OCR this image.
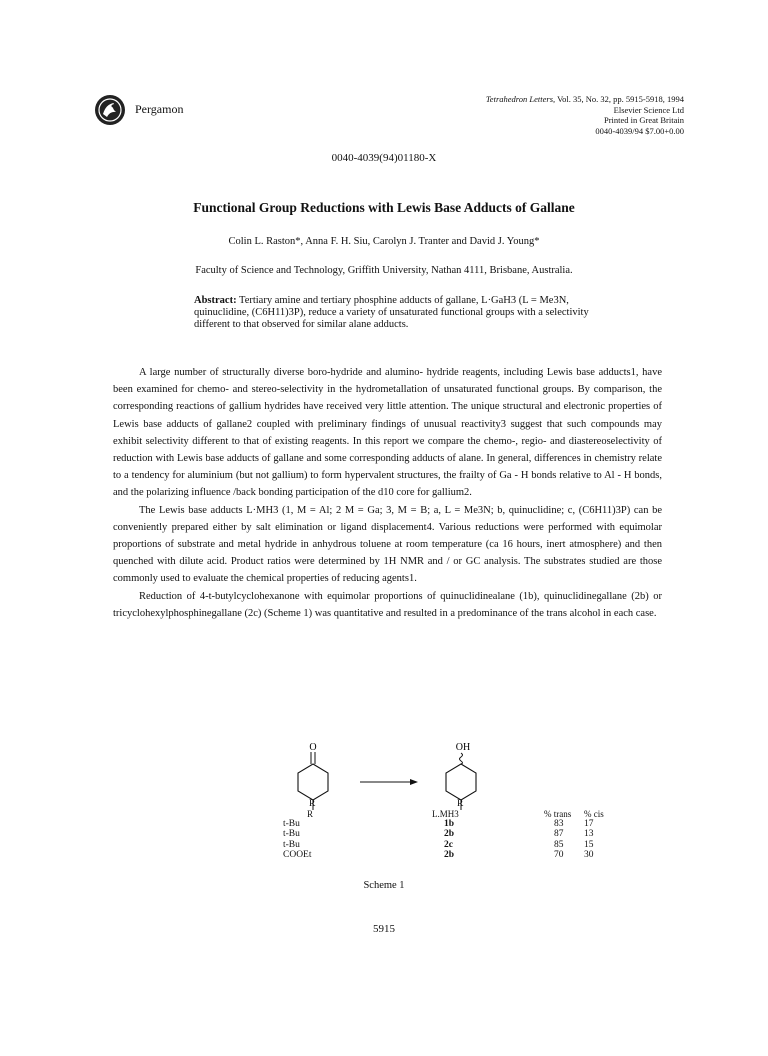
Pergamon
Tetrahedron Letters, Vol. 35, No. 32, pp. 5915-5918, 1994
Elsevier Science Ltd
Printed in Great Britain
0040-4039/94 $7.00+0.00
0040-4039(94)01180-X
Functional Group Reductions with Lewis Base Adducts of Gallane
Colin L. Raston*, Anna F. H. Siu, Carolyn J. Tranter and David J. Young*
Faculty of Science and Technology, Griffith University, Nathan 4111, Brisbane, Australia.
Abstract: Tertiary amine and tertiary phosphine adducts of gallane, L·GaH3 (L = Me3N, quinuclidine, (C6H11)3P), reduce a variety of unsaturated functional groups with a selectivity different to that observed for similar alane adducts.

A large number of structurally diverse boro-hydride and alumino- hydride reagents, including Lewis base adducts1, have been examined for chemo- and stereo-selectivity in the hydrometallation of unsaturated functional groups. By comparison, the corresponding reactions of gallium hydrides have received very little attention. The unique structural and electronic properties of Lewis base adducts of gallane2 coupled with preliminary findings of unusual reactivity3 suggest that such compounds may exhibit selectivity different to that of existing reagents. In this report we compare the chemo-, regio- and diastereoselectivity of reduction with Lewis base adducts of gallane and some corresponding adducts of alane. In general, differences in chemistry relate to a tendency for aluminium (but not gallium) to form hypervalent structures, the frailty of Ga - H bonds relative to Al - H bonds, and the polarizing influence /back bonding participation of the d10 core for gallium2.

The Lewis base adducts L·MH3 (1, M = Al; 2 M = Ga; 3, M = B; a, L = Me3N; b, quinuclidine; c, (C6H11)3P) can be conveniently prepared either by salt elimination or ligand displacement4. Various reductions were performed with equimolar proportions of substrate and metal hydride in anhydrous toluene at room temperature (ca 16 hours, inert atmosphere) and then quenched with dilute acid. Product ratios were determined by 1H NMR and / or GC analysis. The substrates studied are those commonly used to evaluate the chemical properties of reducing agents1.

Reduction of 4-t-butylcyclohexanone with equimolar proportions of quinuclidinealane (1b), quinuclidinegallane (2b) or tricyclohexylphosphinegallane (2c) (Scheme 1) was quantitative and resulted in a predominance of the trans alcohol in each case.

O	OH
R	R
R	L.MH3	% trans	% cis
t-Bu	1b	83	17
t-Bu	2b	87	13
t-Bu	2c	85	15
COOEt	2b	70	30
Scheme 1
5915
